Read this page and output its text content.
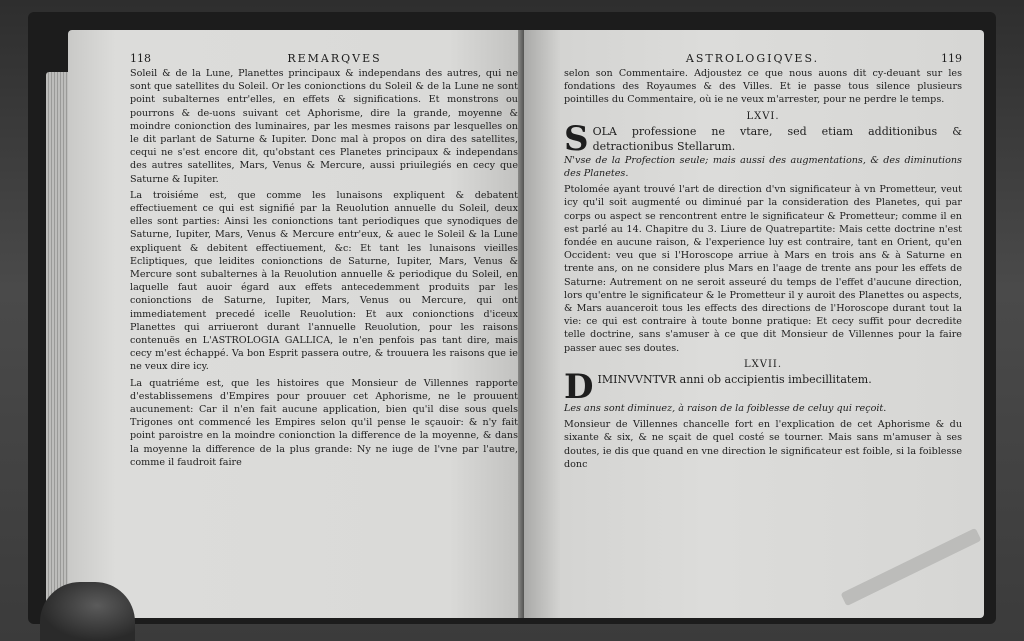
118	REMARQVES

Soleil & de la Lune, Planettes principaux & independans des autres, qui ne sont que satellites du Soleil. Or les conionctions du Soleil & de la Lune ne sont point subalternes entr'elles, en effets & significations. Et monstrons ou pourrons & de-uons suivant cet Aphorisme, dire la grande, moyenne & moindre conionction des luminaires, par les mesmes raisons par lesquelles on le dit parlant de Saturne & Iupiter. Donc mal à propos on dira des satellites, cequi ne s'est encore dit, qu'obstant ces Planetes principaux & independans des autres satellites, Mars, Venus & Mercure, aussi priuilegiés en cecy que Saturne & Iupiter.

La troisiéme est, que comme les lunaisons expliquent & debatent effectiuement ce qui est signifié par la Reuolution annuelle du Soleil, deux elles sont parties: Ainsi les conionctions tant periodiques que synodiques de Saturne, Iupiter, Mars, Venus & Mercure entr'eux, & auec le Soleil & la Lune expliquent & debitent effectiuement, &c: Et tant les lunaisons vieilles Ecliptiques, que leidites conionctions de Saturne, Iupiter, Mars, Venus & Mercure sont subalternes à la Reuolution annuelle & periodique du Soleil, en laquelle faut auoir égard aux effets antecedemment produits par les conionctions de Saturne, Iupiter, Mars, Venus ou Mercure, qui ont immediatement precedé icelle Reuolution: Et aux conionctions d'iceux Planettes qui arriueront durant l'annuelle Reuolution, pour les raisons contenuës en L'ASTROLOGIA GALLICA, le n'en penfois pas tant dire, mais cecy m'est échappé. Va bon Esprit passera outre, & trouuera les raisons que ie ne veux dire icy.

La quatriéme est, que les histoires que Monsieur de Villennes rapporte d'establissemens d'Empires pour prouuer cet Aphorisme, ne le prouuent aucunement: Car il n'en fait aucune application, bien qu'il dise sous quels Trigones ont commencé les Empires selon qu'il pense le sçauoir: & n'y fait point paroistre en la moindre conionction la difference de la moyenne, & dans la moyenne la difference de la plus grande: Ny ne iuge de l'vne par l'autre, comme il faudroit faire

ASTROLOGIQVES.	119

selon son Commentaire. Adjoustez ce que nous auons dit cy-deuant sur les fondations des Royaumes & des Villes. Et ie passe tous silence plusieurs pointilles du Commentaire, où ie ne veux m'arrester, pour ne perdre le temps.

LXVI.
S OLA professione ne vtare, sed etiam additionibus & detractionibus Stellarum.

N'vse de la Profection seule; mais aussi des augmentations, & des diminutions des Planetes.

Ptolomée ayant trouvé l'art de direction d'vn significateur à vn Prometteur, veut icy qu'il soit augmenté ou diminué par la consideration des Planetes, qui par corps ou aspect se rencontrent entre le significateur & Prometteur; comme il en est parlé au 14. Chapitre du 3. Liure de Quatrepartite: Mais cette doctrine n'est fondée en aucune raison, & l'experience luy est contraire, tant en Orient, qu'en Occident: veu que si l'Horoscope arriue à Mars en trois ans & à Saturne en trente ans, on ne considere plus Mars en l'aage de trente ans pour les effets de Saturne: Autrement on ne seroit asseuré du temps de l'effet d'aucune direction, lors qu'entre le significateur & le Prometteur il y auroit des Planettes ou aspects, & Mars auanceroit tous les effects des directions de l'Horoscope durant tout la vie: ce qui est contraire à toute bonne pratique: Et cecy suffit pour decredite telle doctrine, sans s'amuser à ce que dit Monsieur de Villennes pour la faire passer auec ses doutes.

LXVII.
D IMINVVNTVR anni ob accipientis imbecillitatem.

Les ans sont diminuez, à raison de la foiblesse de celuy qui reçoit.

Monsieur de Villennes chancelle fort en l'explication de cet Aphorisme & du sixante & six, & ne sçait de quel costé se tourner. Mais sans m'amuser à ses doutes, ie dis que quand en vne direction le significateur est foible, si la foiblesse donc
